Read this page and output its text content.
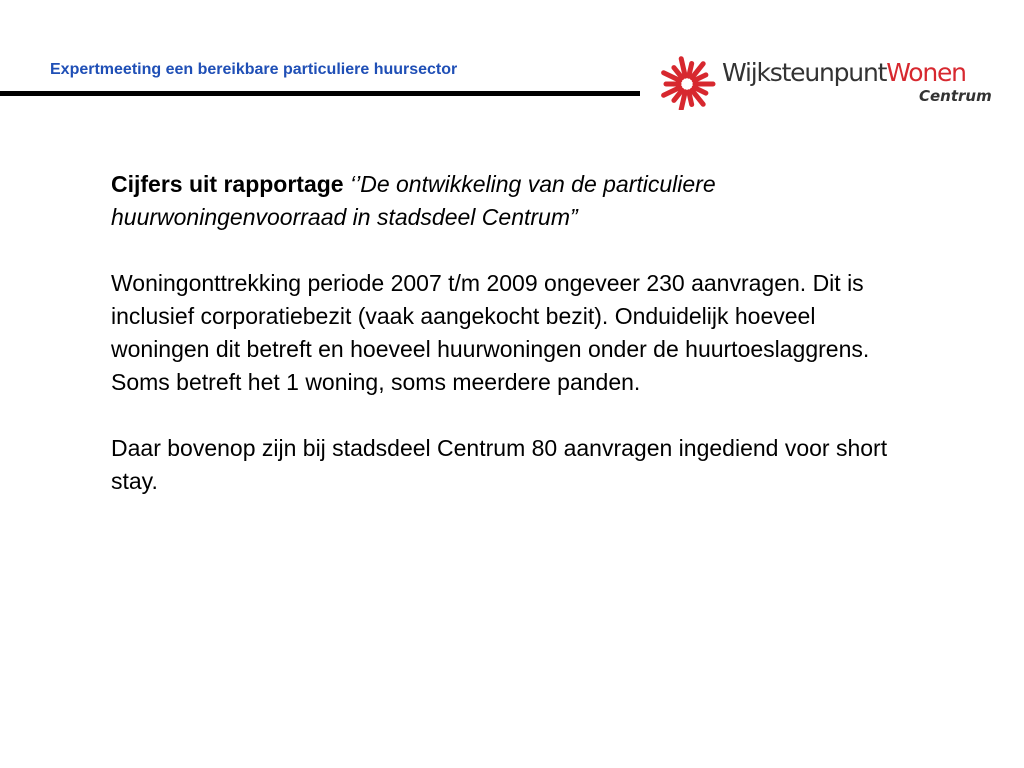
Expertmeeting een bereikbare particuliere huursector	WijksteunpuntWonen
Centrum

Cijfers uit rapportage ‘’De ontwikkeling van de particuliere huurwoningenvoorraad in stadsdeel Centrum”

Woningonttrekking periode 2007 t/m 2009 ongeveer 230 aanvragen. Dit is inclusief corporatiebezit (vaak aangekocht bezit). Onduidelijk hoeveel woningen dit betreft en hoeveel huurwoningen onder de huurtoeslaggrens. Soms betreft het 1 woning, soms meerdere panden.

Daar bovenop zijn bij stadsdeel Centrum 80 aanvragen ingediend voor short stay.
